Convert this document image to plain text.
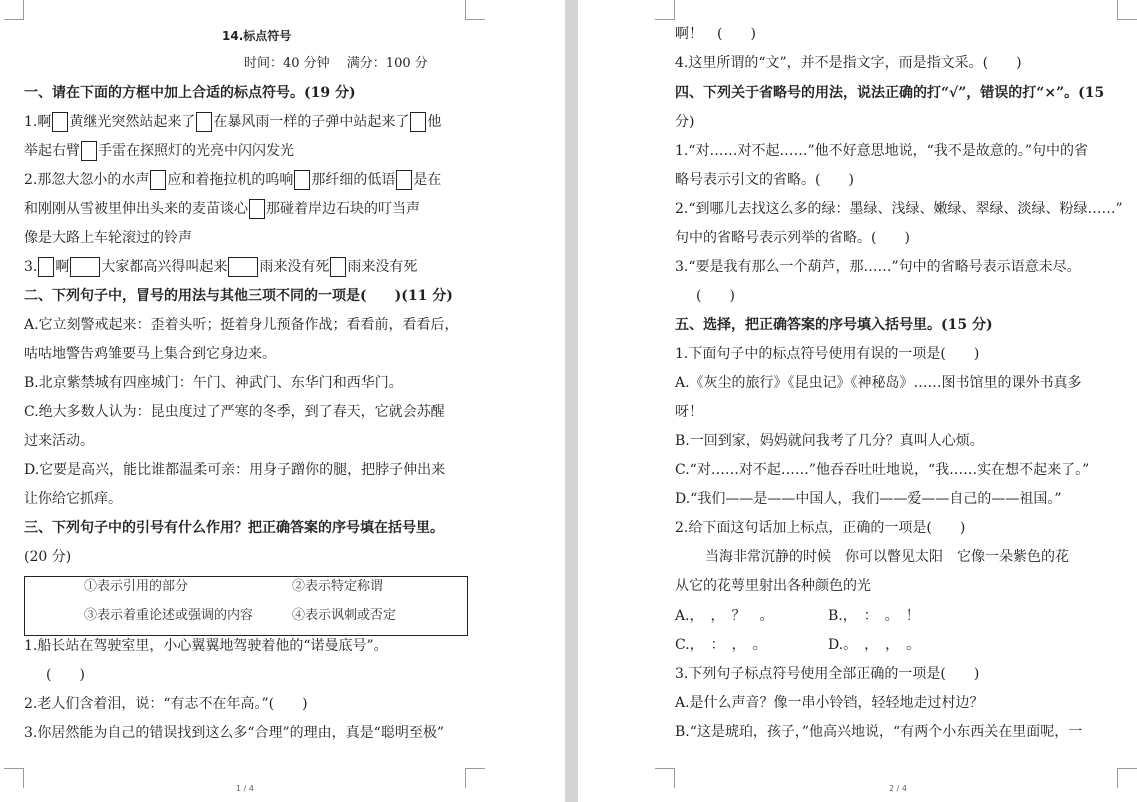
14.标点符号
时间：40 分钟　 满分：100 分
一、请在下面的方框中加上合适的标点符号。(19 分)
1.啊 黄继光突然站起来了 在暴风雨一样的子弹中站起来了 他
举起右臂 手雷在探照灯的光亮中闪闪发光
2.那忽大忽小的水声 应和着拖拉机的呜响 那纤细的低语 是在
和刚刚从雪被里伸出头来的麦苗谈心 那碰着岸边石块的叮当声
像是大路上车轮滚过的铃声
3. 啊 大家都高兴得叫起来 雨来没有死 雨来没有死
二、下列句子中，冒号的用法与其他三项不同的一项是(　　)(11 分)
A.它立刻警戒起来：歪着头听；挺着身儿预备作战；看看前，看看后，
咕咕地警告鸡雏要马上集合到它身边来。
B.北京紫禁城有四座城门：午门、神武门、东华门和西华门。
C.绝大多数人认为：昆虫度过了严寒的冬季，到了春天，它就会苏醒
过来活动。
D.它要是高兴，能比谁都温柔可亲：用身子蹭你的腿，把脖子伸出来
让你给它抓痒。
三、下列句子中的引号有什么作用？把正确答案的序号填在括号里。
(20 分)
①表示引用的部分	②表示特定称谓
③表示着重论述或强调的内容	④表示讽刺或否定
1.船长站在驾驶室里，小心翼翼地驾驶着他的“诺曼底号”。
(　　)
2.老人们含着泪，说：“有志不在年高。”(　　)
3.你居然能为自己的错误找到这么多“合理”的理由，真是“聪明至极”
1 / 4
啊！　(　　)
4.这里所谓的“文”，并不是指文字，而是指文采。(　　)
四、下列关于省略号的用法，说法正确的打“√”，错误的打“×”。(15
分)
1.“对……对不起……”他不好意思地说，“我不是故意的。”句中的省
略号表示引文的省略。(　　)
2.“到哪儿去找这么多的绿：墨绿、浅绿、嫩绿、翠绿、淡绿、粉绿……”
句中的省略号表示列举的省略。(　　)
3.“要是我有那么一个葫芦，那……”句中的省略号表示语意未尽。
(　　)
五、选择，把正确答案的序号填入括号里。(15 分)
1.下面句子中的标点符号使用有误的一项是(　　)
A.《灰尘的旅行》《昆虫记》《神秘岛》……图书馆里的课外书真多
呀！
B.一回到家，妈妈就问我考了几分？真叫人心烦。
C.“对……对不起……”他吞吞吐吐地说，“我……实在想不起来了。”
D.“我们——是——中国人，我们——爱——自己的——祖国。”
2.给下面这句话加上标点，正确的一项是(　　)
当海非常沉静的时候　你可以瞥见太阳　它像一朵紫色的花
从它的花萼里射出各种颜色的光
A.，　，　？　。	B.，　：　。　！
C.，　：　，　。	D.。　，　，　。
3.下列句子标点符号使用全部正确的一项是(　　)
A.是什么声音？像一串小铃铛，轻轻地走过村边？
B.“这是琥珀，孩子，”他高兴地说，“有两个小东西关在里面呢，一
2 / 4
